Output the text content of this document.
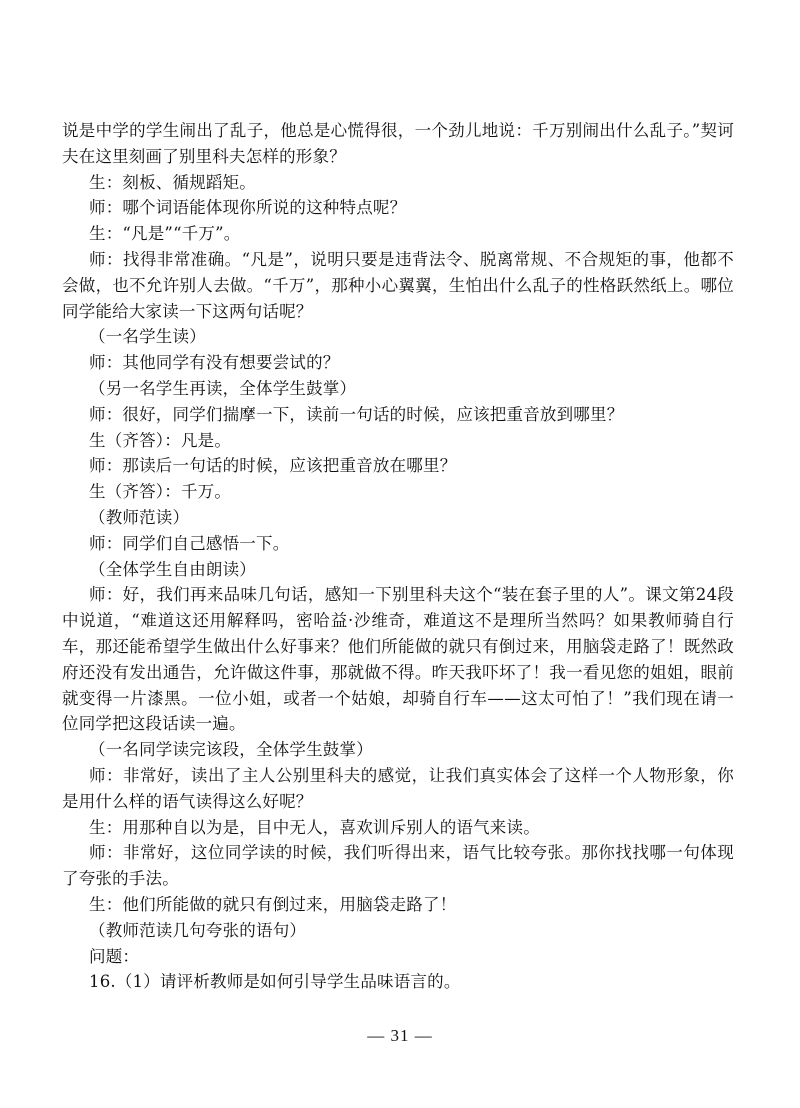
说是中学的学生闹出了乱子，他总是心慌得很，一个劲儿地说：千万别闹出什么乱子。”契诃夫在这里刻画了别里科夫怎样的形象？

生：刻板、循规蹈矩。

师：哪个词语能体现你所说的这种特点呢？

生：“凡是”“千万”。

师：找得非常准确。“凡是”，说明只要是违背法令、脱离常规、不合规矩的事，他都不会做，也不允许别人去做。“千万”，那种小心翼翼，生怕出什么乱子的性格跃然纸上。哪位同学能给大家读一下这两句话呢？

（一名学生读）

师：其他同学有没有想要尝试的？

（另一名学生再读，全体学生鼓掌）

师：很好，同学们揣摩一下，读前一句话的时候，应该把重音放到哪里？

生（齐答）：凡是。

师：那读后一句话的时候，应该把重音放在哪里？

生（齐答）：千万。

（教师范读）

师：同学们自己感悟一下。

（全体学生自由朗读）

师：好，我们再来品味几句话，感知一下别里科夫这个“装在套子里的人”。课文第24段中说道，“难道这还用解释吗，密哈益·沙维奇，难道这不是理所当然吗？如果教师骑自行车，那还能希望学生做出什么好事来？他们所能做的就只有倒过来，用脑袋走路了！既然政府还没有发出通告，允许做这件事，那就做不得。昨天我吓坏了！我一看见您的姐姐，眼前就变得一片漆黑。一位小姐，或者一个姑娘，却骑自行车——这太可怕了！”我们现在请一位同学把这段话读一遍。

（一名同学读完该段，全体学生鼓掌）

师：非常好，读出了主人公别里科夫的感觉，让我们真实体会了这样一个人物形象，你是用什么样的语气读得这么好呢？

生：用那种自以为是，目中无人，喜欢训斥别人的语气来读。

师：非常好，这位同学读的时候，我们听得出来，语气比较夸张。那你找找哪一句体现了夸张的手法。

生：他们所能做的就只有倒过来，用脑袋走路了！

（教师范读几句夸张的语句）

问题：

16.（1）请评析教师是如何引导学生品味语言的。

— 31 —
